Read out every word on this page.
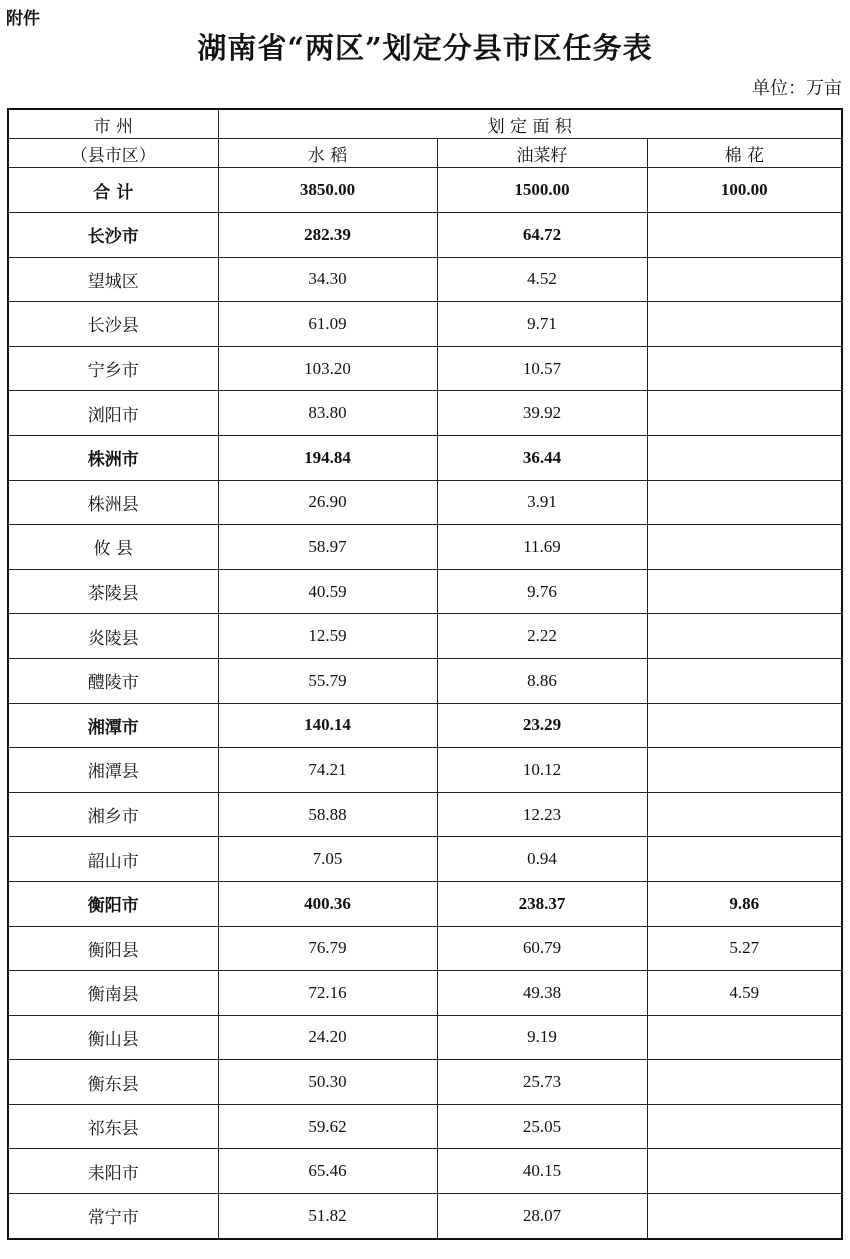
附件
湖南省“两区”划定分县市区任务表
单位：万亩
市 州	划 定 面 积		
（县市区）	水 稻	油菜籽	棉 花
合 计	3850.00	1500.00	100.00
长沙市	282.39	64.72	
望城区	34.30	4.52	
长沙县	61.09	9.71	
宁乡市	103.20	10.57	
浏阳市	83.80	39.92	
株洲市	194.84	36.44	
株洲县	26.90	3.91	
攸 县	58.97	11.69	
茶陵县	40.59	9.76	
炎陵县	12.59	2.22	
醴陵市	55.79	8.86	
湘潭市	140.14	23.29	
湘潭县	74.21	10.12	
湘乡市	58.88	12.23	
韶山市	7.05	0.94	
衡阳市	400.36	238.37	9.86
衡阳县	76.79	60.79	5.27
衡南县	72.16	49.38	4.59
衡山县	24.20	9.19	
衡东县	50.30	25.73	
祁东县	59.62	25.05	
耒阳市	65.46	40.15	
常宁市	51.82	28.07	
